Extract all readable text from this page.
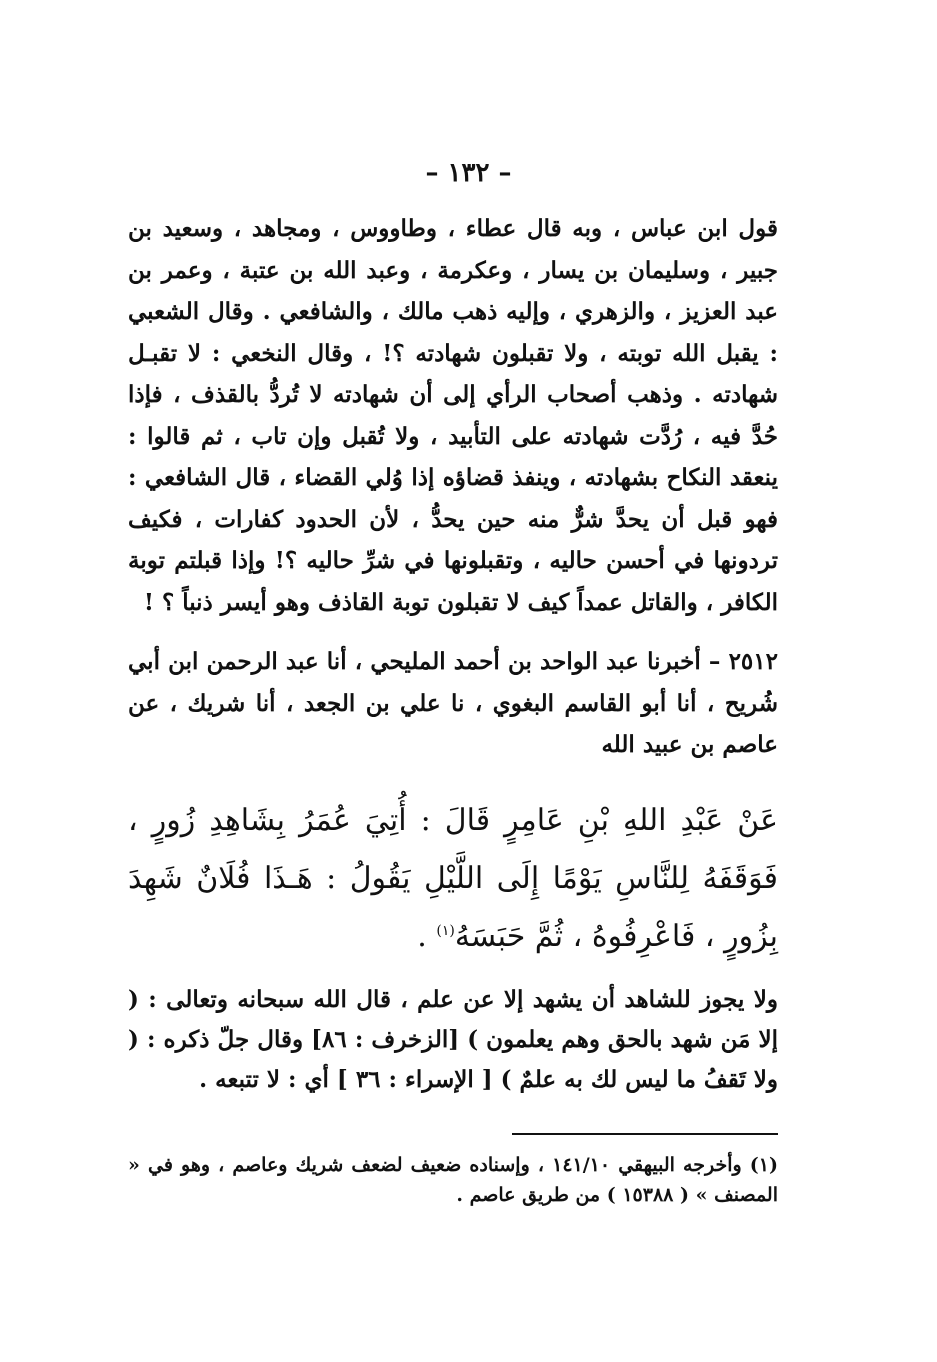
– ١٣٢ –

قول ابن عباس ، وبه قال عطاء ، وطاووس ، ومجاهد ، وسعيد بن جبير ، وسليمان بن يسار ، وعكرمة ، وعبد الله بن عتبة ، وعمر بن عبد العزيز ، والزهري ، وإليه ذهب مالك ، والشافعي . وقال الشعبي : يقبل الله توبته ، ولا تقبلون شهادته ؟! ، وقال النخعي : لا تقبـل شهادته . وذهب أصحاب الرأي إلى أن شهادته لا تُردُّ بالقذف ، فإذا حُدَّ فيه ، رُدَّت شهادته على التأبيد ، ولا تُقبل وإن تاب ، ثم قالوا : ينعقد النكاح بشهادته ، وينفذ قضاؤه إذا وُلي القضاء ، قال الشافعي : فهو قبل أن يحدَّ شرٌّ منه حين يحدُّ ، لأن الحدود كفارات ، فكيف تردونها في أحسن حاليه ، وتقبلونها في شرِّ حاليه ؟! وإذا قبلتم توبة الكافر ، والقاتل عمداً كيف لا تقبلون توبة القاذف وهو أيسر ذنباً ؟ !

٢٥١٢ – أخبرنا عبد الواحد بن أحمد المليحي ، أنا عبد الرحمن ابن أبي شُريح ، أنا أبو القاسم البغوي ، نا علي بن الجعد ، أنا شريك ، عن عاصم بن عبيد الله

عَنْ عَبْدِ اللهِ بْنِ عَامِرٍ قَالَ : أُتِيَ عُمَرُ بِشَاهِدِ زُورٍ ، فَوَقَفَهُ لِلنَّاسِ يَوْمًا إِلَى اللَّيْلِ يَقُولُ : هَـذَا فُلَانٌ شَهِدَ بِزُورٍ ، فَاعْرِفُوهُ ، ثُمَّ حَبَسَهُ$^{(١)}$ .

ولا يجوز للشاهد أن يشهد إلا عن علم ، قال الله سبحانه وتعالى : ( إلا مَن شهد بالحق وهم يعلمون ) [الزخرف : ٨٦] وقال جلّ ذكره : ( ولا تَقفُ ما ليس لك به علمٌ ) [ الإسراء : ٣٦ ] أي : لا تتبعه .

(١) وأخرجه البيهقي ١٤١/١٠ ، وإسناده ضعيف لضعف شريك وعاصم ، وهو في « المصنف » ( ١٥٣٨٨ ) من طريق عاصم .
